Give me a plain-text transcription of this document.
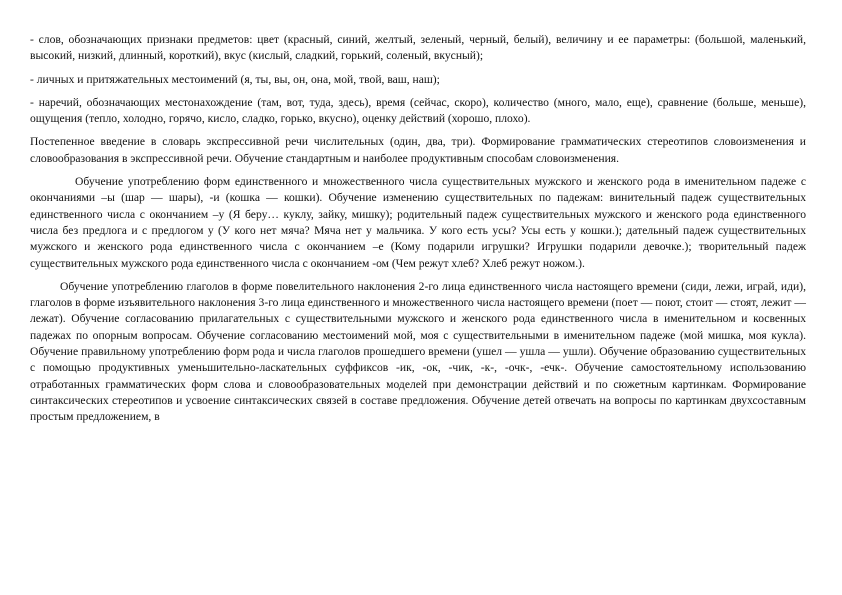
- слов, обозначающих признаки предметов: цвет (красный, синий, желтый, зеленый, черный, белый), величину и ее параметры: (большой, маленький, высокий, низкий, длинный, короткий), вкус (кислый, сладкий, горький, соленый, вкусный);

- личных и притяжательных местоимений (я, ты, вы, он, она, мой, твой, ваш, наш);

- наречий, обозначающих местонахождение (там, вот, туда, здесь), время (сейчас, скоро), количество (много, мало, еще), сравнение (больше, меньше), ощущения (тепло, холодно, горячо, кисло, сладко, горько, вкусно), оценку действий (хорошо, плохо).

Постепенное введение в словарь экспрессивной речи числительных (один, два, три). Формирование грамматических стереотипов словоизменения и словообразования в экспрессивной речи. Обучение стандартным и наиболее продуктивным способам словоизменения.

Обучение употреблению форм единственного и множественного числа существительных мужского и женского рода в именительном падеже с окончаниями –ы (шар — шары), -и (кошка — кошки). Обучение изменению существительных по падежам: винительный падеж существительных единственного числа с окончанием –у (Я беру… куклу, зайку, мишку); родительный падеж существительных мужского и женского рода единственного числа без предлога и с предлогом у (У кого нет мяча? Мяча нет у мальчика. У кого есть усы? Усы есть у кошки.); дательный падеж существительных мужского и женского рода единственного числа с окончанием –е (Кому подарили игрушки? Игрушки подарили девочке.); творительный падеж существительных мужского рода единственного числа с окончанием -ом (Чем режут хлеб? Хлеб режут ножом.).

Обучение употреблению глаголов в форме повелительного наклонения 2-го лица единственного числа настоящего времени (сиди, лежи, играй, иди), глаголов в форме изъявительного наклонения 3-го лица единственного и множественного числа настоящего времени (поет — поют, стоит — стоят, лежит — лежат). Обучение согласованию прилагательных с существительными мужского и женского рода единственного числа в именительном и косвенных падежах по опорным вопросам. Обучение согласованию местоимений мой, моя с существительными в именительном падеже (мой мишка, моя кукла). Обучение правильному употреблению форм рода и числа глаголов прошедшего времени (ушел — ушла — ушли). Обучение образованию существительных с помощью продуктивных уменьшительно-ласкательных суффиксов -ик, -ок, -чик, -к-, -очк-, -ечк-. Обучение самостоятельному использованию отработанных грамматических форм слова и словообразовательных моделей при демонстрации действий и по сюжетным картинкам. Формирование синтаксических стереотипов и усвоение синтаксических связей в составе предложения. Обучение детей отвечать на вопросы по картинкам двухсоставным простым предложением, в
